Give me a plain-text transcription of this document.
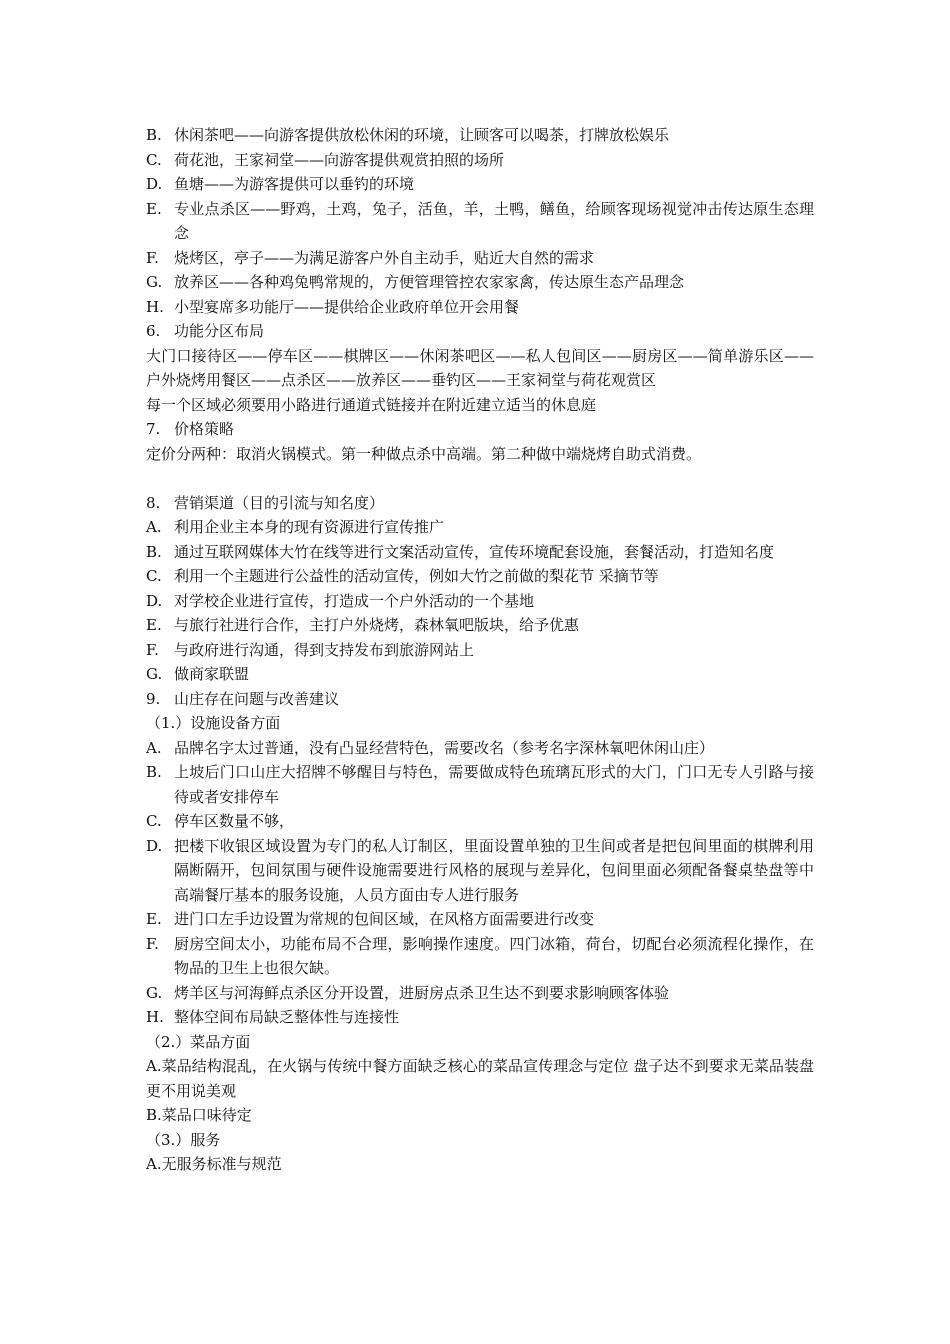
B. 休闲茶吧——向游客提供放松休闲的环境，让顾客可以喝茶，打牌放松娱乐
C. 荷花池，王家祠堂——向游客提供观赏拍照的场所
D. 鱼塘——为游客提供可以垂钓的环境
E. 专业点杀区——野鸡，土鸡，兔子，活鱼，羊，土鸭，鳝鱼，给顾客现场视觉冲击传达原生态理念
F.	烧烤区，亭子——为满足游客户外自主动手，贴近大自然的需求
G. 放养区——各种鸡兔鸭常规的，方便管理管控农家家禽，传达原生态产品理念
H. 小型宴席多功能厅——提供给企业政府单位开会用餐
6. 功能分区布局

大门口接待区——停车区——棋牌区——休闲茶吧区——私人包间区——厨房区——简单游乐区——户外烧烤用餐区——点杀区——放养区——垂钓区——王家祠堂与荷花观赏区

每一个区域必须要用小路进行通道式链接并在附近建立适当的休息庭

7. 价格策略

定价分两种：取消火锅模式。第一种做点杀中高端。第二种做中端烧烤自助式消费。

8. 营销渠道（目的引流与知名度）
A. 利用企业主本身的现有资源进行宣传推广
B. 通过互联网媒体大竹在线等进行文案活动宣传，宣传环境配套设施，套餐活动，打造知名度
C. 利用一个主题进行公益性的活动宣传，例如大竹之前做的梨花节 采摘节等
D. 对学校企业进行宣传，打造成一个户外活动的一个基地
E. 与旅行社进行合作，主打户外烧烤，森林氧吧版块，给予优惠
F.	与政府进行沟通，得到支持发布到旅游网站上
G. 做商家联盟
9. 山庄存在问题与改善建议

（1.）设施设备方面

A. 品牌名字太过普通，没有凸显经营特色，需要改名（参考名字深林氧吧休闲山庄）
B. 上坡后门口山庄大招牌不够醒目与特色，需要做成特色琉璃瓦形式的大门，门口无专人引路与接待或者安排停车
C. 停车区数量不够，
D. 把楼下收银区域设置为专门的私人订制区，里面设置单独的卫生间或者是把包间里面的棋牌利用隔断隔开，包间氛围与硬件设施需要进行风格的展现与差异化，包间里面必须配备餐桌垫盘等中高端餐厅基本的服务设施，人员方面由专人进行服务
E. 进门口左手边设置为常规的包间区域，在风格方面需要进行改变
F.	厨房空间太小，功能布局不合理，影响操作速度。四门冰箱，荷台，切配台必须流程化操作，在物品的卫生上也很欠缺。
G. 烤羊区与河海鲜点杀区分开设置，进厨房点杀卫生达不到要求影响顾客体验
H. 整体空间布局缺乏整体性与连接性

（2.）菜品方面

A.菜品结构混乱，在火锅与传统中餐方面缺乏核心的菜品宣传理念与定位 盘子达不到要求无菜品装盘更不用说美观

B.菜品口味待定

（3.）服务

A.无服务标准与规范
